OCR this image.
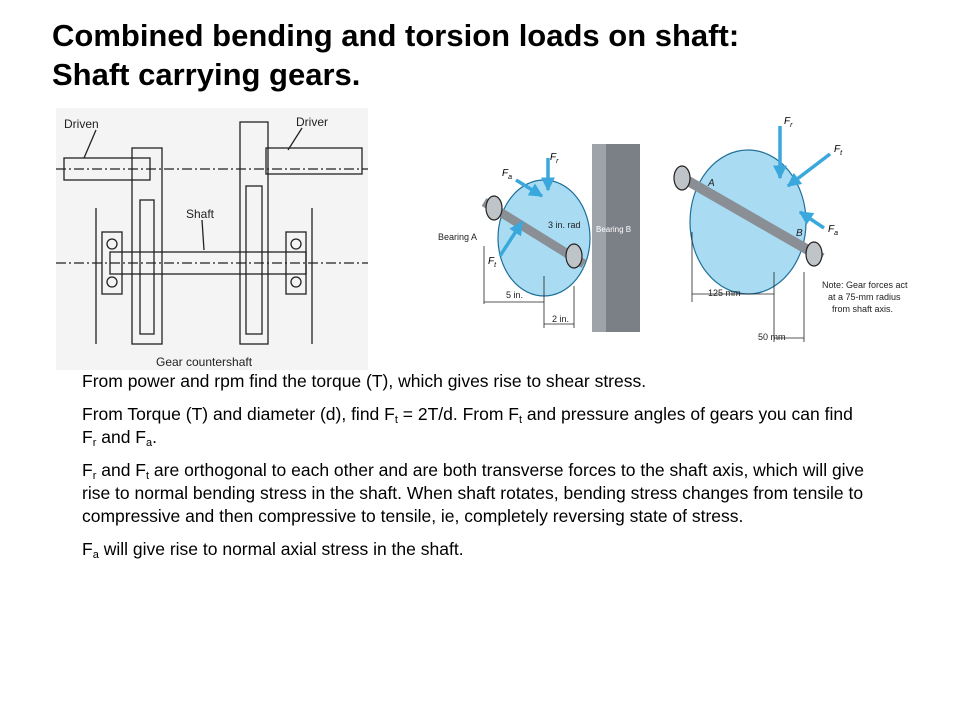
Combined bending and torsion loads on shaft:
Shaft carrying gears.
Driven	Driver
Shaft
Gear countershaft
$F_r$
$F_a$
$F_t$
3 in. rad
Bearing A
Bearing B
5 in.
2 in.
$F_r$
$F_t$
$F_a$
A
B
125 mm
50 mm
Note: Gear forces act
at a 75-mm radius
from shaft axis.

From power and rpm find the torque (T), which gives rise to shear stress.

From Torque (T) and diameter (d), find $F_t = 2T/d$. From $F_t$ and pressure angles of gears you can find $F_r$ and $F_a$.

$F_r$ and $F_t$ are orthogonal to each other and are both transverse forces to the shaft axis, which will give rise to normal bending stress in the shaft. When shaft rotates, bending stress changes from tensile to compressive and then compressive to tensile, ie, completely reversing state of stress.

$F_a$ will give rise to normal axial stress in the shaft.
